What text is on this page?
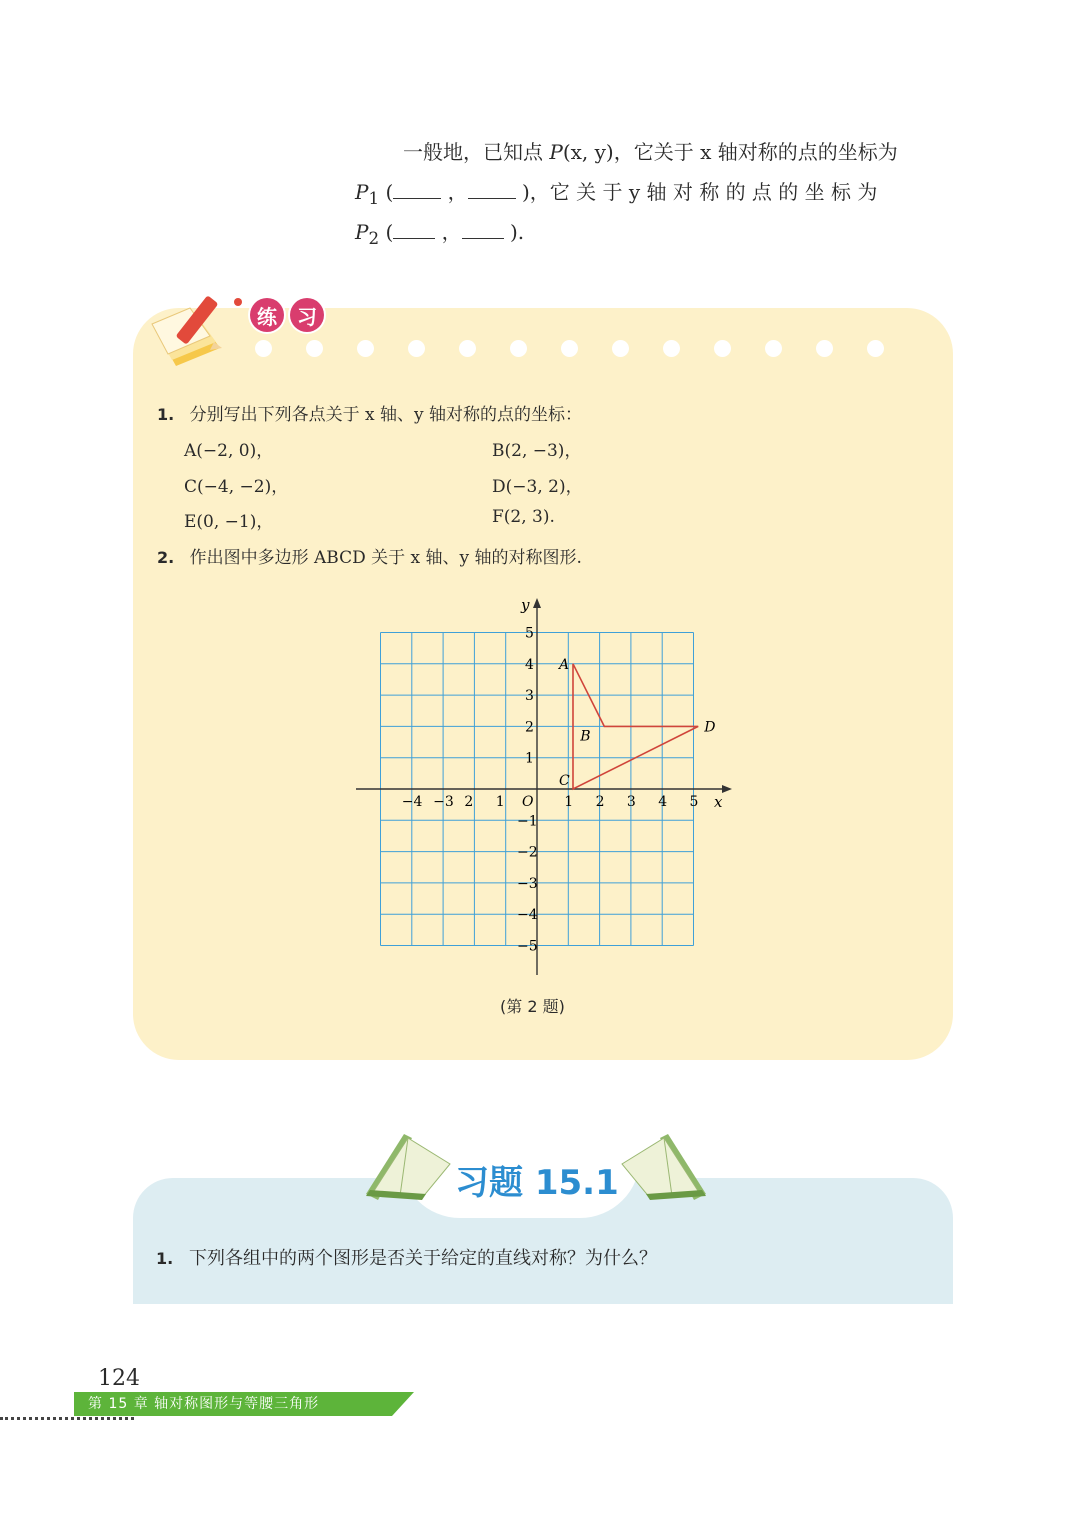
一般地，已知点 P(x, y)，它关于 x 轴对称的点的坐标为
$P_1$ (	，	)，它 关 于 y 轴 对 称 的 点 的 坐 标 为
$P_2$ ( ， ).
练	习
1. 分别写出下列各点关于 x 轴、y 轴对称的点的坐标：
A(−2, 0)，	B(2, −3)，
C(−4, −2)，	D(−3, 2)，
E(0, −1)，	F(2, 3).
2. 作出图中多边形 ABCD 关于 x 轴、y 轴的对称图形.
x
y
O
−4 −3 2 1	1 2 3 4 5
5
4
3
2
1
−1
−2
−3
−4
−5
A
B
D
C
(第 2 题)
习题 15.1
1. 下列各组中的两个图形是否关于给定的直线对称？为什么？
124
第 15 章 轴对称图形与等腰三角形
